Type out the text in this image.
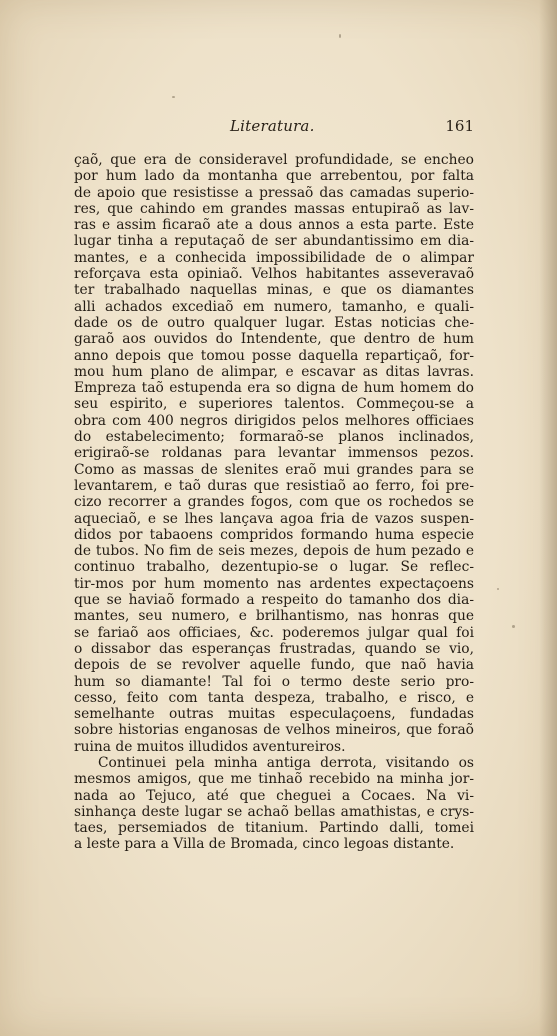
Literatura.	161
çaõ, que era de consideravel profundidade, se encheo
por hum lado da montanha que arrebentou, por falta
de apoio que resistisse a pressaõ das camadas superio-
res, que cahindo em grandes massas entupiraõ as lav-
ras e assim ficaraõ ate a dous annos a esta parte. Este
lugar tinha a reputaçaõ de ser abundantissimo em dia-
mantes, e a conhecida impossibilidade de o alimpar
reforçava esta opiniaõ. Velhos habitantes asseveravaõ
ter trabalhado naquellas minas, e que os diamantes
alli achados excediaõ em numero, tamanho, e quali-
dade os de outro qualquer lugar. Estas noticias che-
garaõ aos ouvidos do Intendente, que dentro de hum
anno depois que tomou posse daquella repartiçaõ, for-
mou hum plano de alimpar, e escavar as ditas lavras.
Empreza taõ estupenda era so digna de hum homem do
seu espirito, e superiores talentos. Commeçou-se a
obra com 400 negros dirigidos pelos melhores officiaes
do estabelecimento; formaraõ-se planos inclinados,
erigiraõ-se roldanas para levantar immensos pezos.
Como as massas de slenites eraõ mui grandes para se
levantarem, e taõ duras que resistiaõ ao ferro, foi pre-
cizo recorrer a grandes fogos, com que os rochedos se
aqueciaõ, e se lhes lançava agoa fria de vazos suspen-
didos por tabaoens compridos formando huma especie
de tubos. No fim de seis mezes, depois de hum pezado e
continuo trabalho, dezentupio-se o lugar. Se reflec-
tir-mos por hum momento nas ardentes expectaçoens
que se haviaõ formado a respeito do tamanho dos dia-
mantes, seu numero, e brilhantismo, nas honras que
se fariaõ aos officiaes, &c. poderemos julgar qual foi
o dissabor das esperanças frustradas, quando se vio,
depois de se revolver aquelle fundo, que naõ havia
hum so diamante! Tal foi o termo deste serio pro-
cesso, feito com tanta despeza, trabalho, e risco, e
semelhante outras muitas especulaçoens, fundadas
sobre historias enganosas de velhos mineiros, que foraõ
ruina de muitos illudidos aventureiros.
Continuei pela minha antiga derrota, visitando os
mesmos amigos, que me tinhaõ recebido na minha jor-
nada ao Tejuco, até que cheguei a Cocaes. Na vi-
sinhança deste lugar se achaõ bellas amathistas, e crys-
taes, persemiados de titanium. Partindo dalli, tomei
a leste para a Villa de Bromada, cinco legoas distante.
